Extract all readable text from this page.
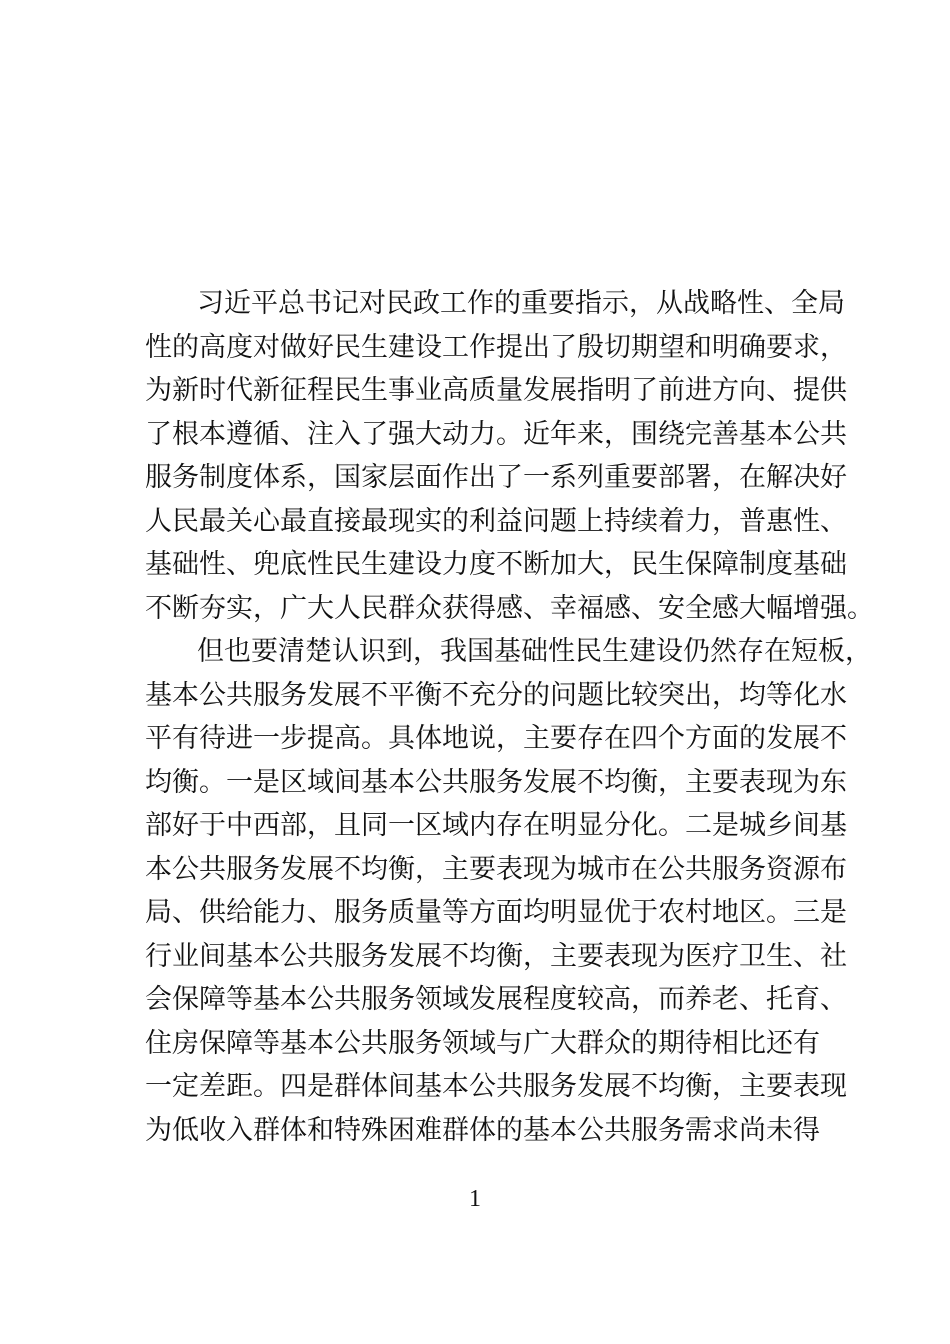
习近平总书记对民政工作的重要指示，从战略性、全局
性的高度对做好民生建设工作提出了殷切期望和明确要求，
为新时代新征程民生事业高质量发展指明了前进方向、提供
了根本遵循、注入了强大动力。近年来，围绕完善基本公共
服务制度体系，国家层面作出了一系列重要部署，在解决好
人民最关心最直接最现实的利益问题上持续着力，普惠性、
基础性、兜底性民生建设力度不断加大，民生保障制度基础
不断夯实，广大人民群众获得感、幸福感、安全感大幅增强。
但也要清楚认识到，我国基础性民生建设仍然存在短板，
基本公共服务发展不平衡不充分的问题比较突出，均等化水
平有待进一步提高。具体地说，主要存在四个方面的发展不
均衡。一是区域间基本公共服务发展不均衡，主要表现为东
部好于中西部，且同一区域内存在明显分化。二是城乡间基
本公共服务发展不均衡，主要表现为城市在公共服务资源布
局、供给能力、服务质量等方面均明显优于农村地区。三是
行业间基本公共服务发展不均衡，主要表现为医疗卫生、社
会保障等基本公共服务领域发展程度较高，而养老、托育、
住房保障等基本公共服务领域与广大群众的期待相比还有
一定差距。四是群体间基本公共服务发展不均衡，主要表现
为低收入群体和特殊困难群体的基本公共服务需求尚未得
1
